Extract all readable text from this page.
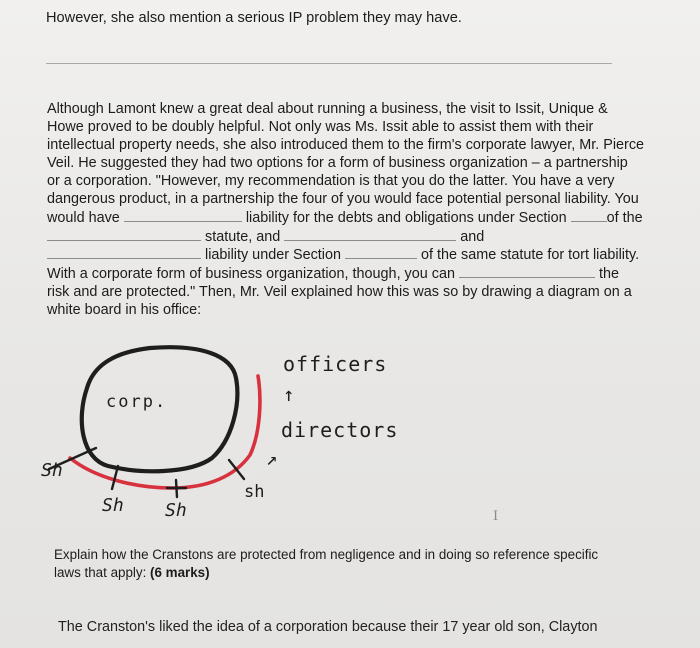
However, she also mention a serious IP problem they may have.
Although Lamont knew a great deal about running a business, the visit to Issit, Unique &
Howe proved to be doubly helpful. Not only was Ms. Issit able to assist them with their
intellectual property needs, she also introduced them to the firm's corporate lawyer, Mr. Pierce
Veil. He suggested they had two options for a form of business organization – a partnership
or a corporation. "However, my recommendation is that you do the latter. You have a very
dangerous product, in a partnership the four of you would face potential personal liability. You
would have	liability for the debts and obligations under Section	of the
statute, and	and
liability under Section	of the same statute for tort liability.
With a corporate form of business organization, though, you can	the
risk and are protected." Then, Mr. Veil explained how this was so by drawing a diagram on a
white board in his office:
corp.
officers
↑
directors
↗
Sh
Sh Sh
sh
I
Explain how the Cranstons are protected from negligence and in doing so reference specific
laws that apply: (6 marks)
The Cranston's liked the idea of a corporation because their 17 year old son, Clayton
